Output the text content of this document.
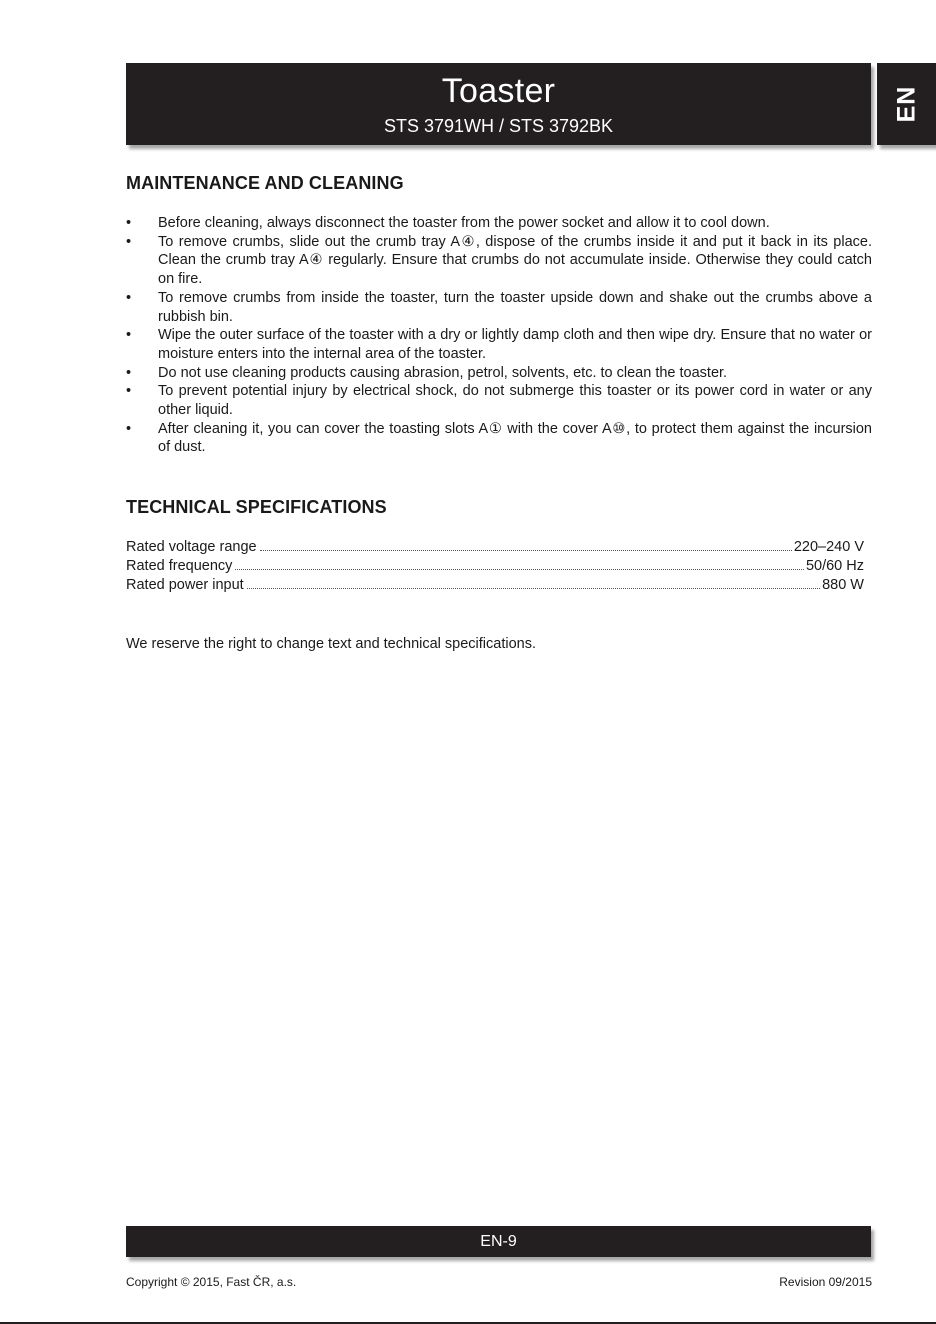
Toaster
STS 3791WH / STS 3792BK
EN
MAINTENANCE AND CLEANING
• Before cleaning, always disconnect the toaster from the power socket and allow it to cool down.
• To remove crumbs, slide out the crumb tray A④, dispose of the crumbs inside it and put it back in its place. Clean the crumb tray A④ regularly. Ensure that crumbs do not accumulate inside. Otherwise they could catch on fire.
• To remove crumbs from inside the toaster, turn the toaster upside down and shake out the crumbs above a rubbish bin.
• Wipe the outer surface of the toaster with a dry or lightly damp cloth and then wipe dry. Ensure that no water or moisture enters into the internal area of the toaster.
• Do not use cleaning products causing abrasion, petrol, solvents, etc. to clean the toaster.
• To prevent potential injury by electrical shock, do not submerge this toaster or its power cord in water or any other liquid.
• After cleaning it, you can cover the toasting slots A① with the cover A⑩, to protect them against the incursion of dust.
TECHNICAL SPECIFICATIONS
Rated voltage range	220–240 V
Rated frequency	50/60 Hz
Rated power input	880 W
We reserve the right to change text and technical specifications.
EN-9
Copyright © 2015, Fast ČR, a.s.	Revision 09/2015
